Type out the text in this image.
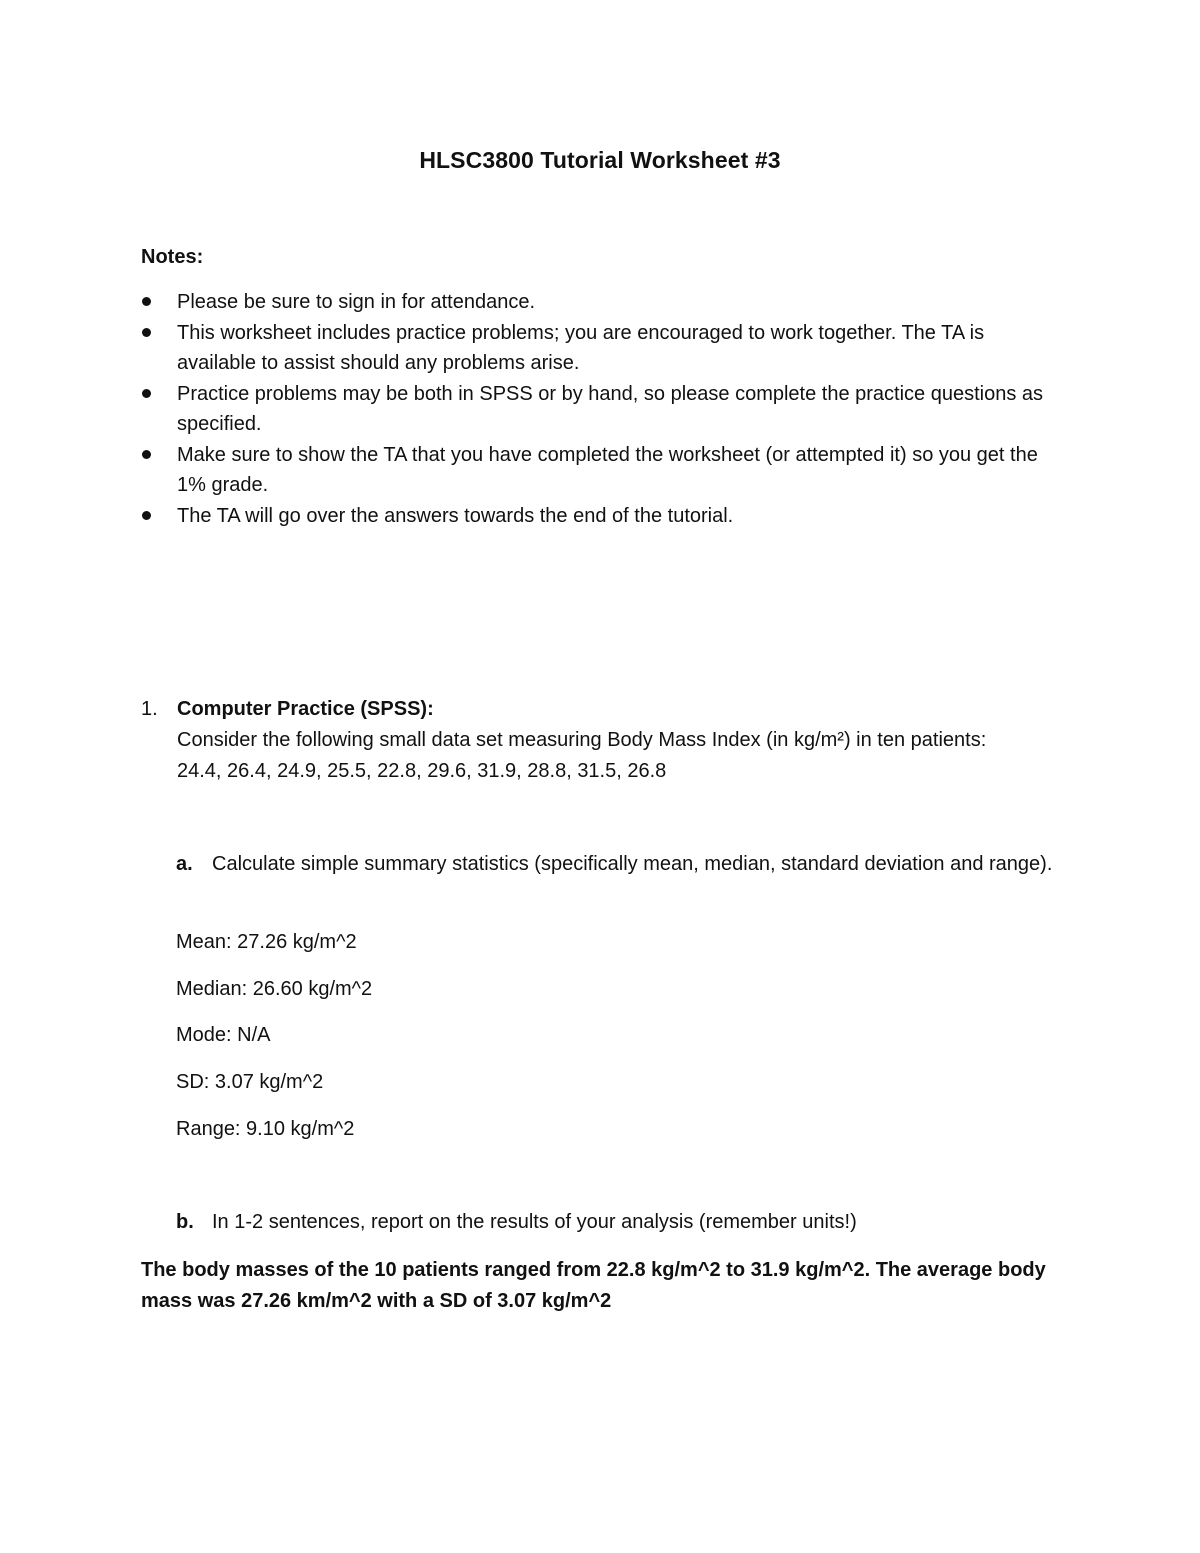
HLSC3800 Tutorial Worksheet #3
Notes:
Please be sure to sign in for attendance.
This worksheet includes practice problems; you are encouraged to work together. The TA is available to assist should any problems arise.
Practice problems may be both in SPSS or by hand, so please complete the practice questions as specified.
Make sure to show the TA that you have completed the worksheet (or attempted it) so you get the 1% grade.
The TA will go over the answers towards the end of the tutorial.
1. Computer Practice (SPSS):
Consider the following small data set measuring Body Mass Index (in kg/m²) in ten patients:
24.4, 26.4, 24.9, 25.5, 22.8, 29.6, 31.9, 28.8, 31.5, 26.8
a. Calculate simple summary statistics (specifically mean, median, standard deviation and range).
Mean: 27.26 kg/m^2
Median: 26.60 kg/m^2
Mode: N/A
SD: 3.07 kg/m^2
Range: 9.10 kg/m^2
b. In 1-2 sentences, report on the results of your analysis (remember units!)
The body masses of the 10 patients ranged from 22.8 kg/m^2 to 31.9 kg/m^2. The average body mass was 27.26 km/m^2 with a SD of 3.07 kg/m^2
